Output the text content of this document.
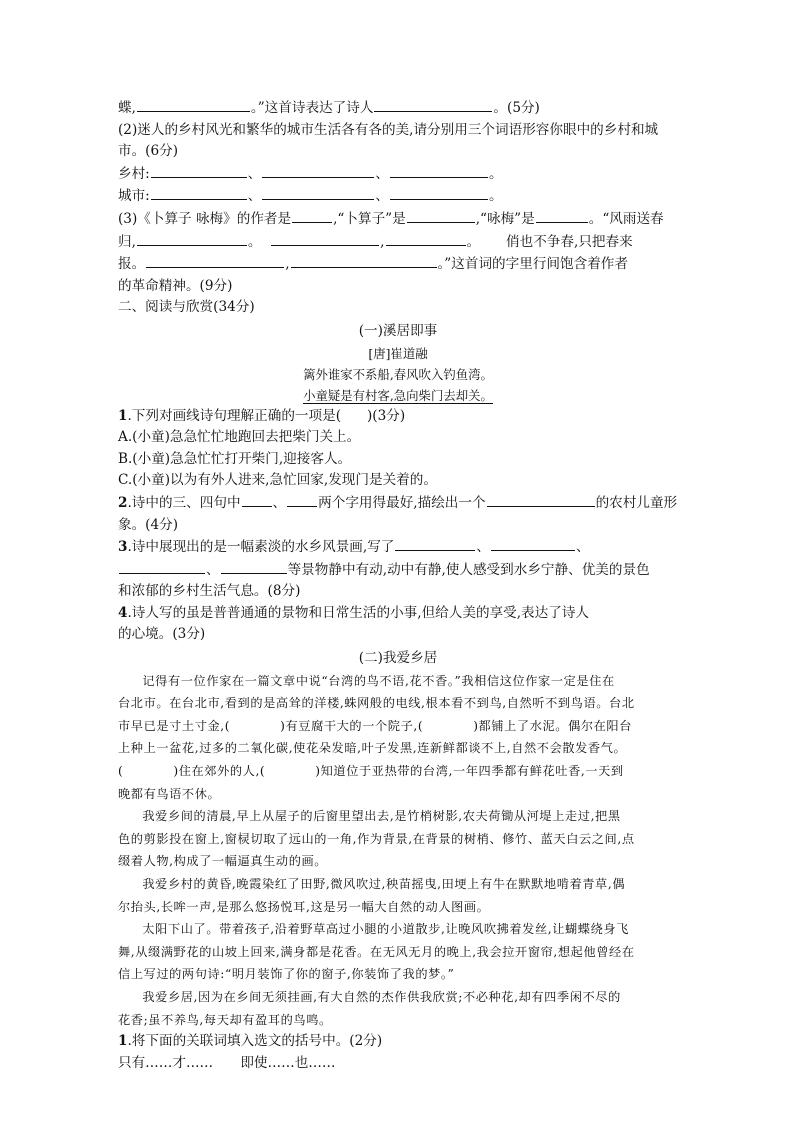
蝶,	。”这首诗表达了诗人	。(5分)
(2)迷人的乡村风光和繁华的城市生活各有各的美,请分别用三个词语形容你眼中的乡村和城
市。(6分)
乡村:	、	、	。
城市:	、	、	。
(3)《卜算子 咏梅》的作者是	,“卜算子”是	,“咏梅”是	。“风雨送春
归,	。	,	。      俏也不争春,只把春来
报。	,	。”这首词的字里行间饱含着作者
的革命精神。(9分)
二、阅读与欣赏(34分)
(一)溪居即事
[唐]崔道融
篱外谁家不系船,春风吹入钓鱼湾。
小童疑是有村客,急向柴门去却关。
1.下列对画线诗句理解正确的一项是( )(3分)
A.(小童)急急忙忙地跑回去把柴门关上。
B.(小童)急急忙忙打开柴门,迎接客人。
C.(小童)以为有外人进来,急忙回家,发现门是关着的。
2.诗中的三、四句中 、 两个字用得最好,描绘出一个	的农村儿童形
象。(4分)
3.诗中展现出的是一幅素淡的水乡风景画,写了	、	、
、	等景物静中有动,动中有静,使人感受到水乡宁静、优美的景色
和浓郁的乡村生活气息。(8分)
4.诗人写的虽是普普通通的景物和日常生活的小事,但给人美的享受,表达了诗人
的心境。(3分)
(二)我爱乡居
记得有一位作家在一篇文章中说“台湾的鸟不语,花不香。”我相信这位作家一定是住在
台北市。在台北市,看到的是高耸的洋楼,蛛网般的电线,根本看不到鸟,自然听不到鸟语。台北
市早已是寸土寸金,(	)有豆腐干大的一个院子,(	)都铺上了水泥。偶尔在阳台
上种上一盆花,过多的二氧化碳,使花朵发暗,叶子发黑,连新鲜都谈不上,自然不会散发香气。
(	)住在郊外的人,(	)知道位于亚热带的台湾,一年四季都有鲜花吐香,一天到
晚都有鸟语不休。
我爱乡间的清晨,早上从屋子的后窗里望出去,是竹梢树影,农夫荷锄从河堤上走过,把黑
色的剪影投在窗上,窗棂切取了远山的一角,作为背景,在背景的树梢、修竹、蓝天白云之间,点
缀着人物,构成了一幅逼真生动的画。
我爱乡村的黄昏,晚霞染红了田野,微风吹过,秧苗摇曳,田埂上有牛在默默地啃着青草,偶
尔抬头,长哞一声,是那么悠扬悦耳,这是另一幅大自然的动人图画。
太阳下山了。带着孩子,沿着野草高过小腿的小道散步,让晚风吹拂着发丝,让蝴蝶绕身飞
舞,从缀满野花的山坡上回来,满身都是花香。在无风无月的晚上,我会拉开窗帘,想起他曾经在
信上写过的两句诗:“明月装饰了你的窗子,你装饰了我的梦。”
我爱乡居,因为在乡间无须挂画,有大自然的杰作供我欣赏;不必种花,却有四季闲不尽的
花香;虽不养鸟,每天却有盈耳的鸟鸣。
1.将下面的关联词填入选文的括号中。(2分)
只有……才……　　即使……也……
